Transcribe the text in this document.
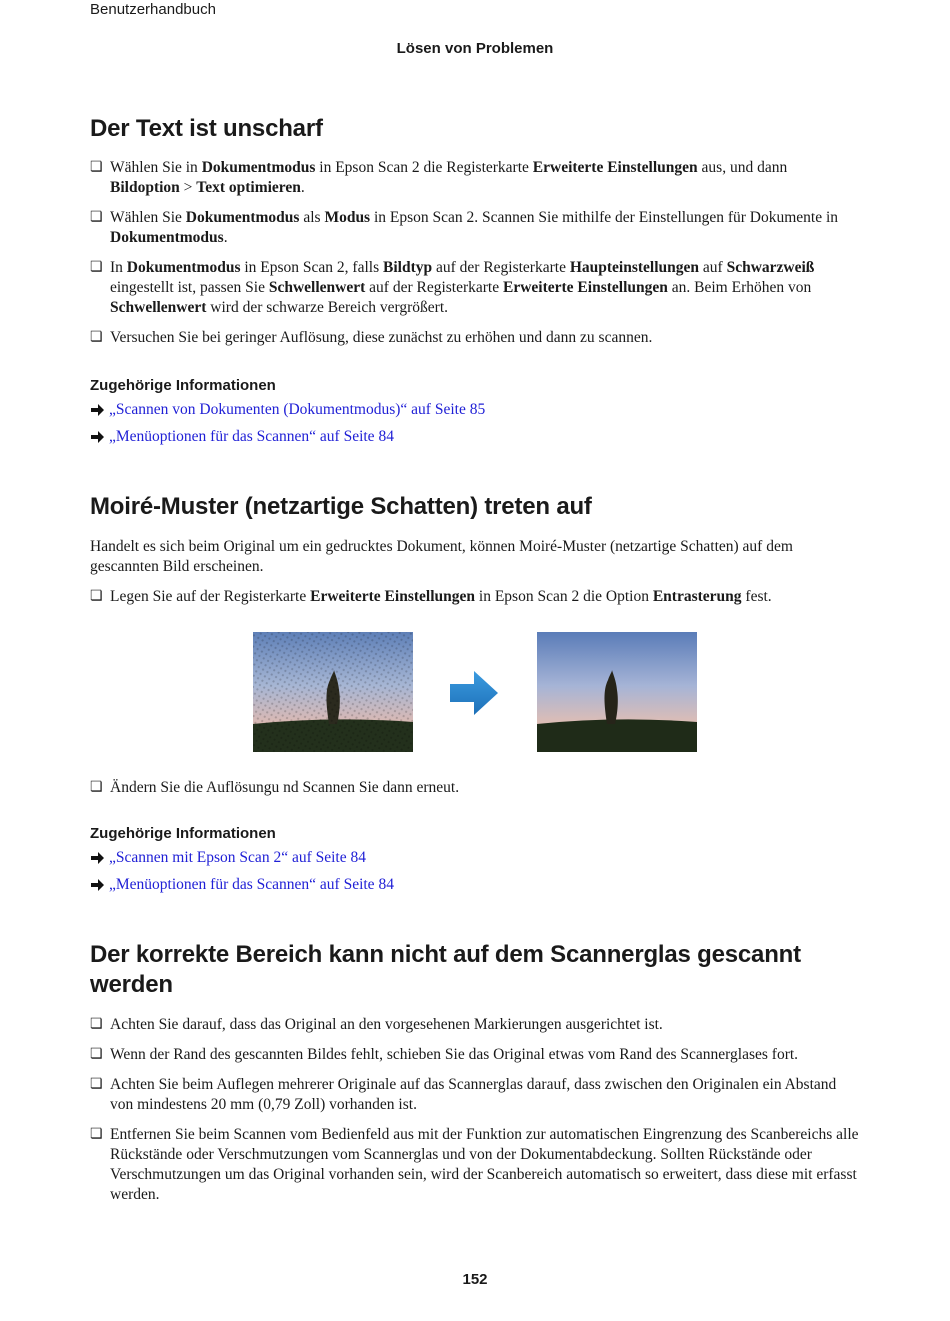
Benutzerhandbuch
Lösen von Problemen
Der Text ist unscharf
❏ Wählen Sie in Dokumentmodus in Epson Scan 2 die Registerkarte Erweiterte Einstellungen aus, und dann Bildoption > Text optimieren.
❏ Wählen Sie Dokumentmodus als Modus in Epson Scan 2. Scannen Sie mithilfe der Einstellungen für Dokumente in Dokumentmodus.
❏ In Dokumentmodus in Epson Scan 2, falls Bildtyp auf der Registerkarte Haupteinstellungen auf Schwarzweiß eingestellt ist, passen Sie Schwellenwert auf der Registerkarte Erweiterte Einstellungen an. Beim Erhöhen von Schwellenwert wird der schwarze Bereich vergrößert.
❏ Versuchen Sie bei geringer Auflösung, diese zunächst zu erhöhen und dann zu scannen.
Zugehörige Informationen
„Scannen von Dokumenten (Dokumentmodus)“ auf Seite 85
„Menüoptionen für das Scannen“ auf Seite 84
Moiré-Muster (netzartige Schatten) treten auf

Handelt es sich beim Original um ein gedrucktes Dokument, können Moiré-Muster (netzartige Schatten) auf dem gescannten Bild erscheinen.

❏ Legen Sie auf der Registerkarte Erweiterte Einstellungen in Epson Scan 2 die Option Entrasterung fest.
❏ Ändern Sie die Auflösungu nd Scannen Sie dann erneut.
Zugehörige Informationen
„Scannen mit Epson Scan 2“ auf Seite 84
„Menüoptionen für das Scannen“ auf Seite 84
Der korrekte Bereich kann nicht auf dem Scannerglas gescannt werden
❏ Achten Sie darauf, dass das Original an den vorgesehenen Markierungen ausgerichtet ist.
❏ Wenn der Rand des gescannten Bildes fehlt, schieben Sie das Original etwas vom Rand des Scannerglases fort.
❏ Achten Sie beim Auflegen mehrerer Originale auf das Scannerglas darauf, dass zwischen den Originalen ein Abstand von mindestens 20 mm (0,79 Zoll) vorhanden ist.
❏ Entfernen Sie beim Scannen vom Bedienfeld aus mit der Funktion zur automatischen Eingrenzung des Scanbereichs alle Rückstände oder Verschmutzungen vom Scannerglas und von der Dokumentabdeckung. Sollten Rückstände oder Verschmutzungen um das Original vorhanden sein, wird der Scanbereich automatisch so erweitert, dass diese mit erfasst werden.
152
